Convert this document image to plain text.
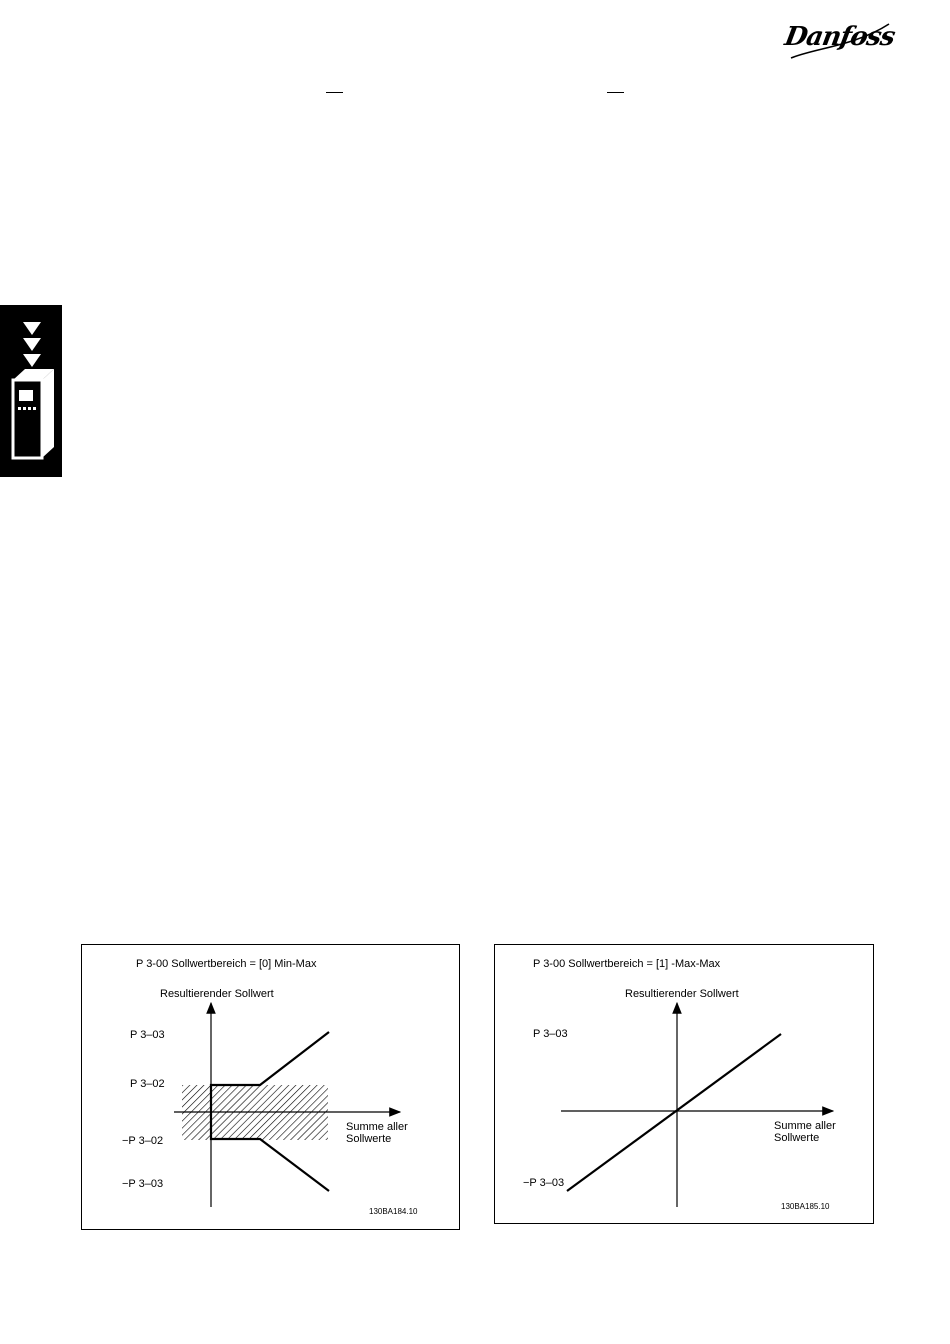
Danfoss
P 3-00 Sollwertbereich = [0] Min-Max
Resultierender Sollwert
P 3–03
P 3–02
−P 3–02
−P 3–03
Summe aller
Sollwerte
130BA184.10
P 3-00 Sollwertbereich = [1] -Max-Max
Resultierender Sollwert
P 3–03
−P 3–03
Summe aller
Sollwerte
130BA185.10
